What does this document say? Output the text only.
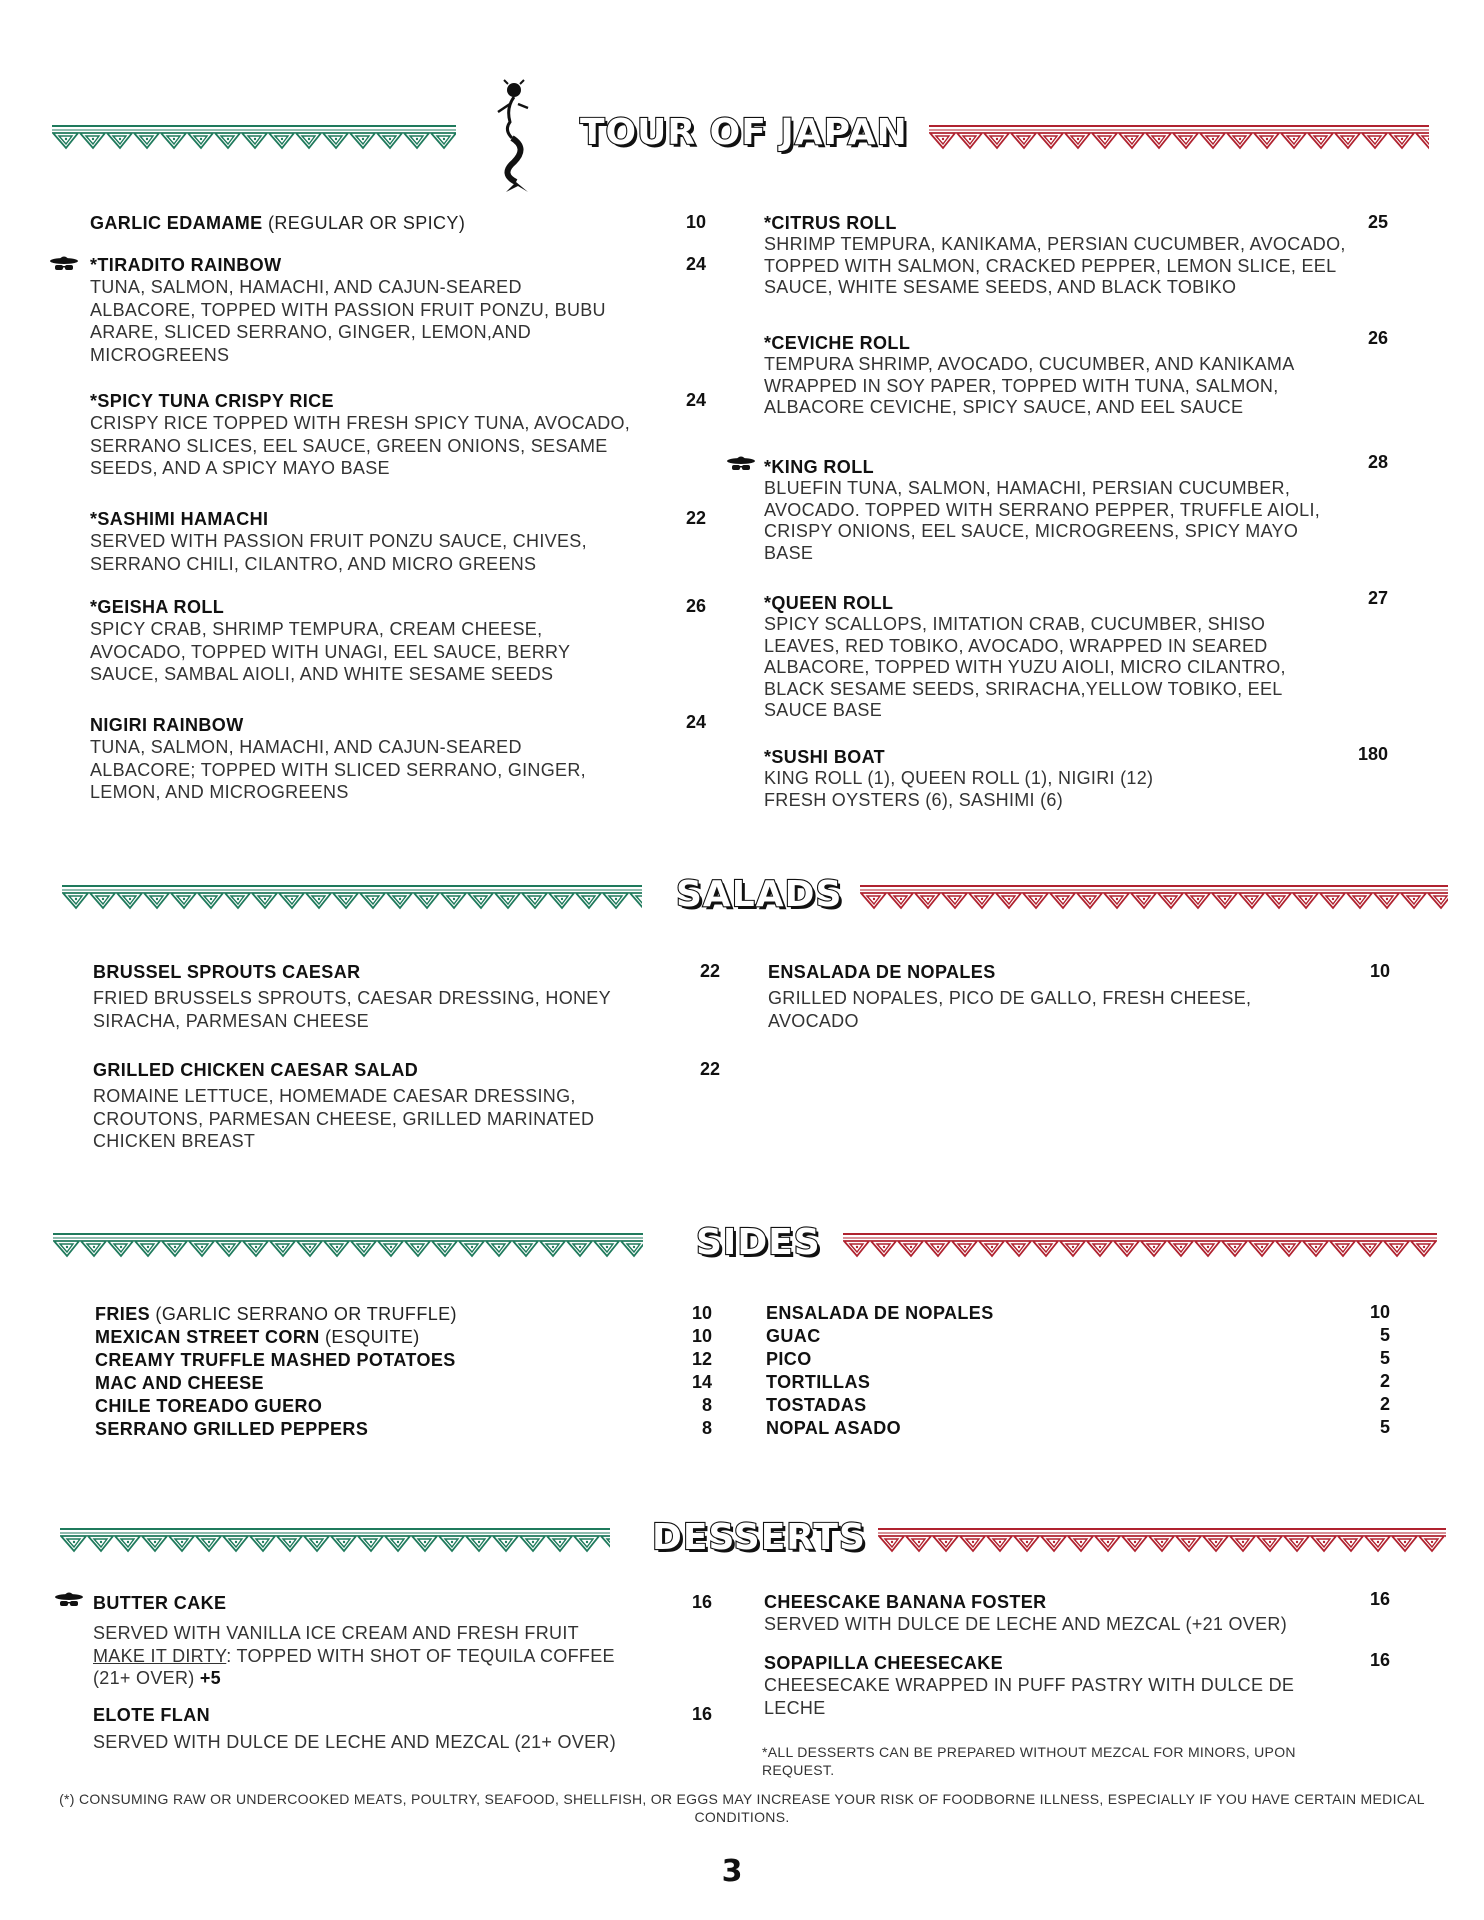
TOUR OF JAPAN
GARLIC EDAMAME (REGULAR OR SPICY)	10
*TIRADITO RAINBOW
TUNA, SALMON, HAMACHI, AND CAJUN-SEARED ALBACORE, TOPPED WITH PASSION FRUIT PONZU, BUBU ARARE, SLICED SERRANO, GINGER, LEMON,AND MICROGREENS
24
*SPICY TUNA CRISPY RICE
CRISPY RICE TOPPED WITH FRESH SPICY TUNA, AVOCADO, SERRANO SLICES, EEL SAUCE, GREEN ONIONS, SESAME SEEDS, AND A SPICY MAYO BASE
24
*SASHIMI HAMACHI
SERVED WITH PASSION FRUIT PONZU SAUCE, CHIVES, SERRANO CHILI, CILANTRO, AND MICRO GREENS
22
*GEISHA ROLL
SPICY CRAB, SHRIMP TEMPURA, CREAM CHEESE, AVOCADO, TOPPED WITH UNAGI, EEL SAUCE, BERRY SAUCE, SAMBAL AIOLI, AND WHITE SESAME SEEDS
26
NIGIRI RAINBOW
TUNA, SALMON, HAMACHI, AND CAJUN-SEARED ALBACORE; TOPPED WITH SLICED SERRANO, GINGER, LEMON, AND MICROGREENS
24
*CITRUS ROLL
SHRIMP TEMPURA, KANIKAMA, PERSIAN CUCUMBER, AVOCADO, TOPPED WITH SALMON, CRACKED PEPPER, LEMON SLICE, EEL SAUCE, WHITE SESAME SEEDS, AND BLACK TOBIKO
25
*CEVICHE ROLL
TEMPURA SHRIMP, AVOCADO, CUCUMBER, AND KANIKAMA WRAPPED IN SOY PAPER, TOPPED WITH TUNA, SALMON, ALBACORE CEVICHE, SPICY SAUCE, AND EEL SAUCE
26
*KING ROLL
BLUEFIN TUNA, SALMON, HAMACHI, PERSIAN CUCUMBER, AVOCADO. TOPPED WITH SERRANO PEPPER, TRUFFLE AIOLI, CRISPY ONIONS, EEL SAUCE, MICROGREENS, SPICY MAYO BASE
28
*QUEEN ROLL
SPICY SCALLOPS, IMITATION CRAB, CUCUMBER, SHISO LEAVES, RED TOBIKO, AVOCADO, WRAPPED IN SEARED ALBACORE, TOPPED WITH YUZU AIOLI, MICRO CILANTRO, BLACK SESAME SEEDS, SRIRACHA,YELLOW TOBIKO, EEL SAUCE BASE
27
*SUSHI BOAT
KING ROLL (1), QUEEN ROLL (1), NIGIRI (12) FRESH OYSTERS (6), SASHIMI (6)
180
SALADS
BRUSSEL SPROUTS CAESAR
FRIED BRUSSELS SPROUTS, CAESAR DRESSING, HONEY SIRACHA, PARMESAN CHEESE
22
GRILLED CHICKEN CAESAR SALAD
ROMAINE LETTUCE, HOMEMADE CAESAR DRESSING, CROUTONS, PARMESAN CHEESE, GRILLED MARINATED CHICKEN BREAST
22
ENSALADA DE NOPALES
GRILLED NOPALES, PICO DE GALLO, FRESH CHEESE, AVOCADO
10
SIDES
FRIES (GARLIC SERRANO OR TRUFFLE)	10
MEXICAN STREET CORN (ESQUITE)	10
CREAMY TRUFFLE MASHED POTATOES	12
MAC AND CHEESE	14
CHILE TOREADO GUERO	8
SERRANO GRILLED PEPPERS	8
ENSALADA DE NOPALES	10
GUAC	5
PICO	5
TORTILLAS	2
TOSTADAS	2
NOPAL ASADO	5
DESSERTS
BUTTER CAKE
SERVED WITH VANILLA ICE CREAM AND FRESH FRUIT
MAKE IT DIRTY: TOPPED WITH SHOT OF TEQUILA COFFEE (21+ OVER) +5
16
ELOTE FLAN
SERVED WITH DULCE DE LECHE AND MEZCAL (21+ OVER)
16
CHEESCAKE BANANA FOSTER
SERVED WITH DULCE DE LECHE AND MEZCAL (+21 OVER)
16
SOPAPILLA CHEESECAKE
CHEESECAKE WRAPPED IN PUFF PASTRY WITH DULCE DE LECHE
16
*ALL DESSERTS CAN BE PREPARED WITHOUT MEZCAL FOR MINORS, UPON REQUEST.
(*) CONSUMING RAW OR UNDERCOOKED MEATS, POULTRY, SEAFOOD, SHELLFISH, OR EGGS MAY INCREASE YOUR RISK OF FOODBORNE ILLNESS, ESPECIALLY IF YOU HAVE CERTAIN MEDICAL CONDITIONS.
3
